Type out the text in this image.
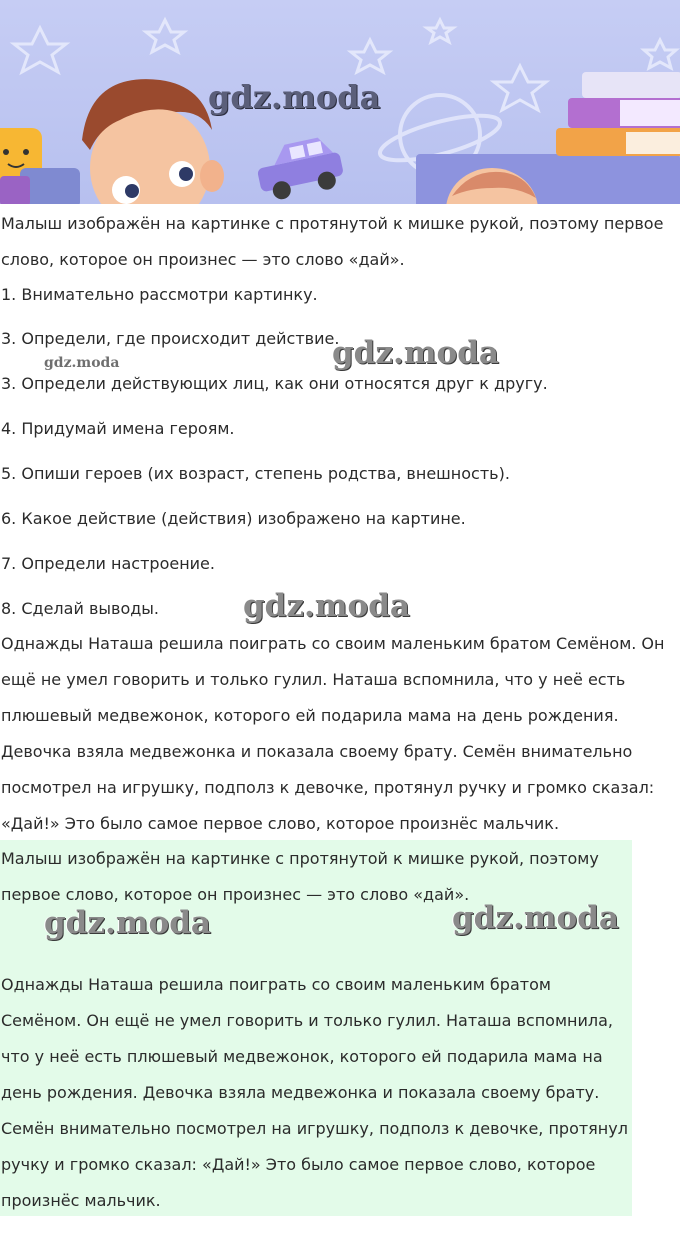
gdz.moda
Малыш изображён на картинке с протянутой к мишке рукой, поэтому первое
слово, которое он произнес — это слово «дай».
1. Внимательно рассмотри картинку.
3. Определи, где происходит действие.
3. Определи действующих лиц, как они относятся друг к другу.
4. Придумай имена героям.
5. Опиши героев (их возраст, степень родства, внешность).
6. Какое действие (действия) изображено на картине.
7. Определи настроение.
8. Сделай выводы.
Однажды Наташа решила поиграть со своим маленьким братом Семёном. Он
ещё не умел говорить и только гулил. Наташа вспомнила, что у неё есть
плюшевый медвежонок, которого ей подарила мама на день рождения.
Девочка взяла медвежонка и показала своему брату. Семён внимательно
посмотрел на игрушку, подполз к девочке, протянул ручку и громко сказал:
«Дай!» Это было самое первое слово, которое произнёс мальчик.
Малыш изображён на картинке с протянутой к мишке рукой, поэтому
первое слово, которое он произнес — это слово «дай».
Однажды Наташа решила поиграть со своим маленьким братом
Семёном. Он ещё не умел говорить и только гулил. Наташа вспомнила,
что у неё есть плюшевый медвежонок, которого ей подарила мама на
день рождения. Девочка взяла медвежонка и показала своему брату.
Семён внимательно посмотрел на игрушку, подполз к девочке, протянул
ручку и громко сказал: «Дай!» Это было самое первое слово, которое
произнёс мальчик.
gdz.moda	gdz.moda
gdz.moda
gdz.moda	gdz.moda
